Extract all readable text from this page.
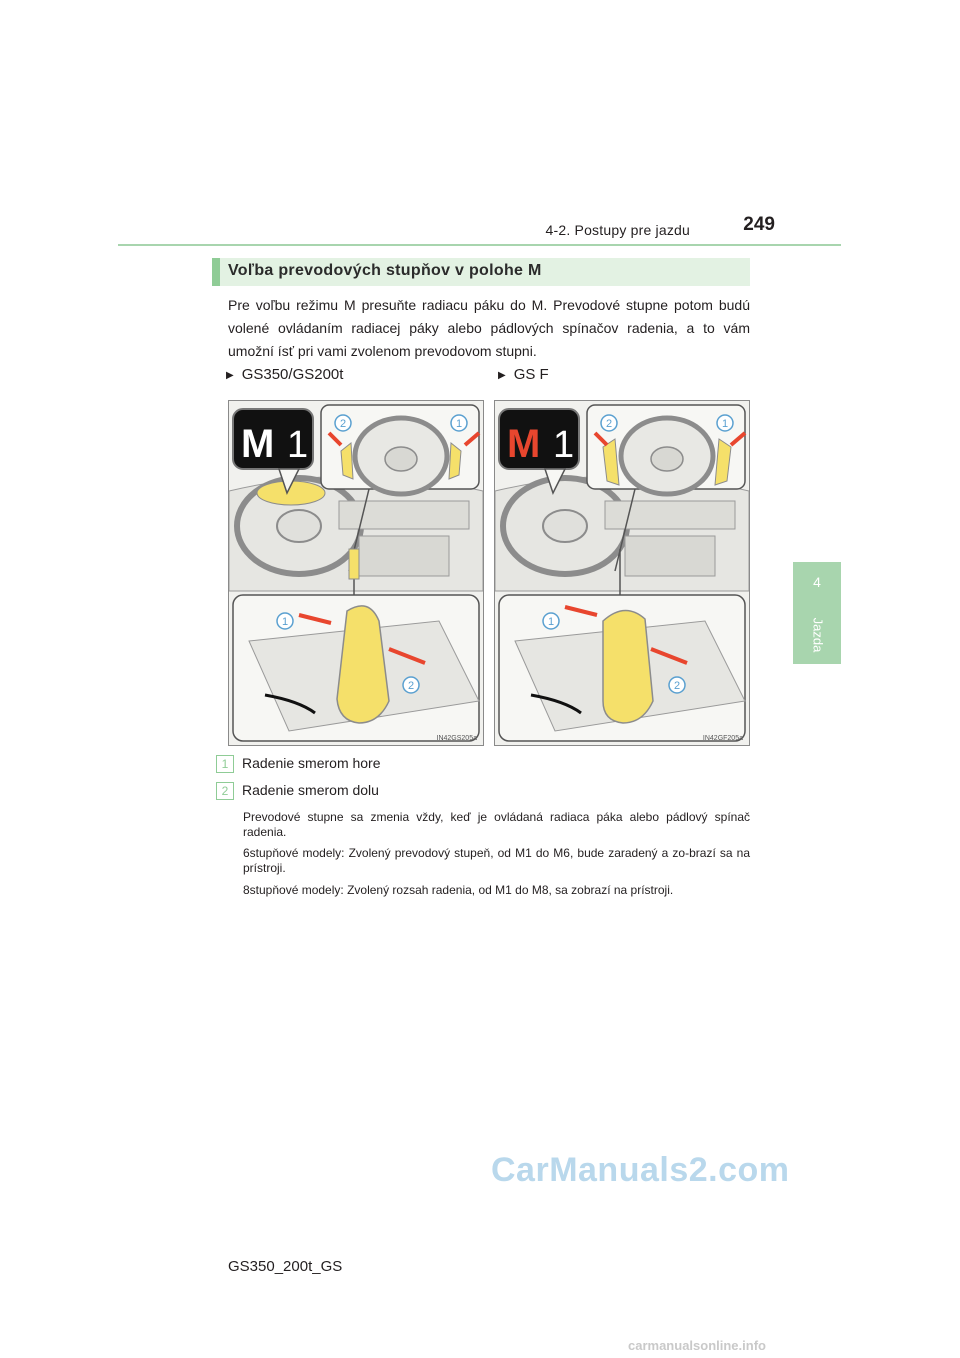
4-2. Postupy pre jazdu	249
4
Jazda
Voľba prevodových stupňov v polohe M
Pre voľbu režimu M presuňte radiacu páku do M. Prevodové stupne potom budú volené ovládaním radiacej páky alebo pádlových spínačov radenia, a to vám umožní ísť pri vami zvolenom prevodovom stupni.
▶ GS350/GS200t	▶ GS F
M 1	2	1
1
2
IN42GS205a
M 1	2	1
1
2
IN42GF205a
1 Radenie smerom hore
2 Radenie smerom dolu
Prevodové stupne sa zmenia vždy, keď je ovládaná radiaca páka alebo pádlový spínač radenia.
6stupňové modely: Zvolený prevodový stupeň, od M1 do M6, bude zaradený a zo-brazí sa na prístroji.
8stupňové modely: Zvolený rozsah radenia, od M1 do M8, sa zobrazí na prístroji.
GS350_200t_GS
CarManuals2.com
carmanualsonline.info
